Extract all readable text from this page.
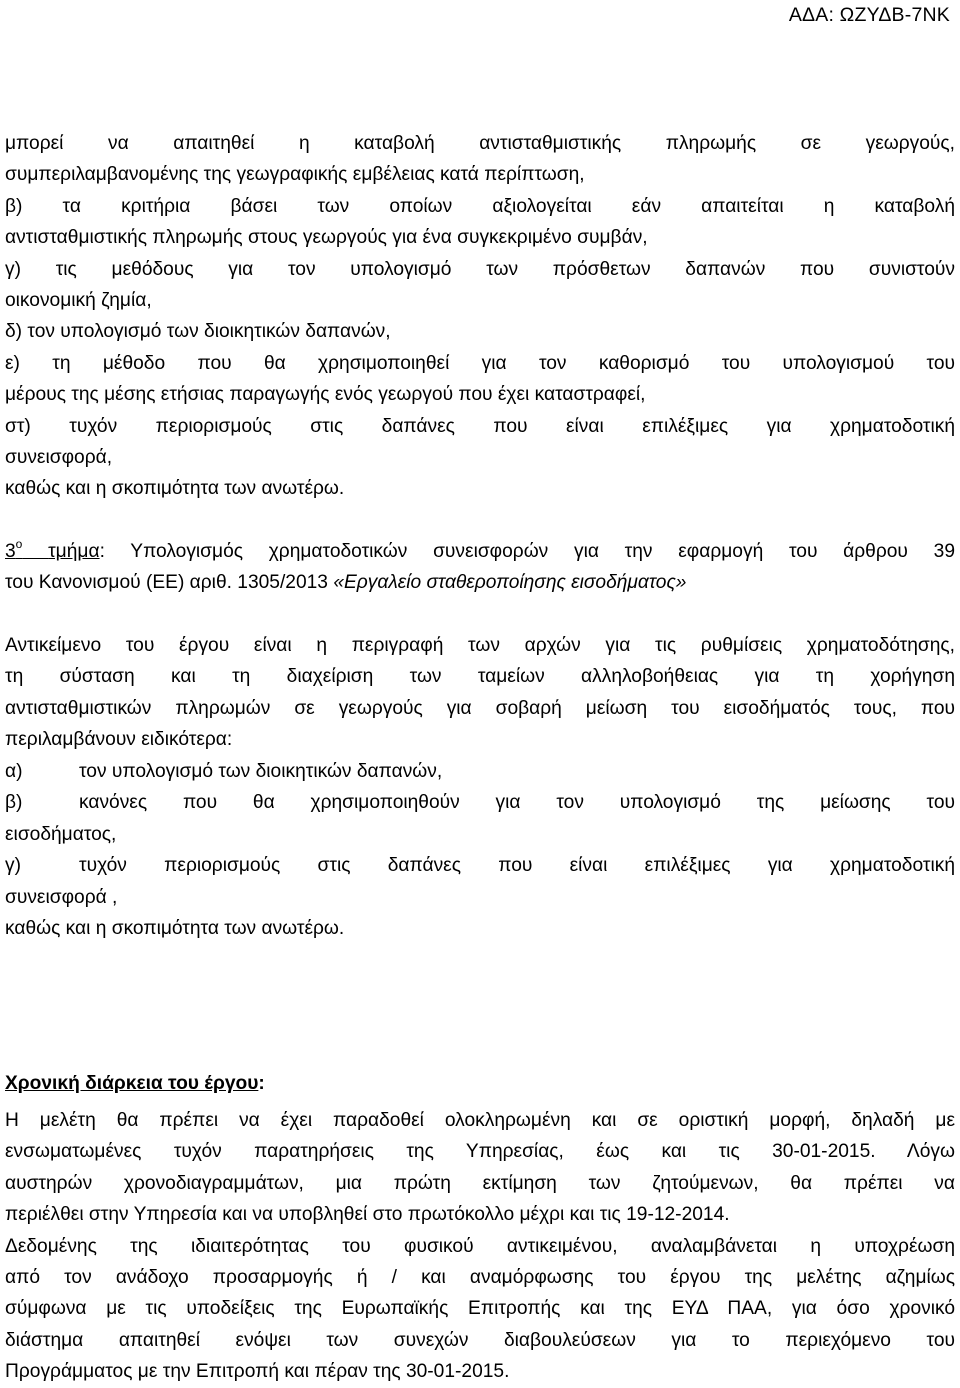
ΑΔΑ: ΩΖΥΔΒ-7ΝΚ
μπορεί να απαιτηθεί η καταβολή αντισταθμιστικής πληρωμής σε γεωργούς,
συμπεριλαμβανομένης της γεωγραφικής εμβέλειας κατά περίπτωση,
β) τα κριτήρια βάσει των οποίων αξιολογείται εάν απαιτείται η καταβολή
αντισταθμιστικής πληρωμής στους γεωργούς για ένα συγκεκριμένο συμβάν,
γ) τις μεθόδους για τον υπολογισμό των πρόσθετων δαπανών που συνιστούν
οικονομική ζημία,
δ) τον υπολογισμό των διοικητικών δαπανών,
ε) τη μέθοδο που θα χρησιμοποιηθεί για τον καθορισμό του υπολογισμού του
μέρους της μέσης ετήσιας παραγωγής ενός γεωργού που έχει καταστραφεί,
στ) τυχόν περιορισμούς στις δαπάνες που είναι επιλέξιμες για χρηματοδοτική
συνεισφορά,
καθώς και η σκοπιμότητα των ανωτέρω.
$3^o$ τμήμα: Υπολογισμός χρηματοδοτικών συνεισφορών για την εφαρμογή του άρθρου 39
του Κανονισμού (ΕΕ) αριθ. 1305/2013 «Εργαλείο σταθεροποίησης εισοδήματος»
Αντικείμενο του έργου είναι η περιγραφή των αρχών για τις ρυθμίσεις χρηματοδότησης,
τη σύσταση και τη διαχείριση των ταμείων αλληλοβοήθειας για τη χορήγηση
αντισταθμιστικών πληρωμών σε γεωργούς για σοβαρή μείωση του εισοδήματός τους, που
περιλαμβάνουν ειδικότερα:
α)	τον υπολογισμό των διοικητικών δαπανών,
β)	κανόνες που θα χρησιμοποιηθούν για τον υπολογισμό της μείωσης του
εισοδήματος,
γ)	τυχόν περιορισμούς στις δαπάνες που είναι επιλέξιμες για χρηματοδοτική
συνεισφορά ,
καθώς και η σκοπιμότητα των ανωτέρω.
Χρονική διάρκεια του έργου:
Η μελέτη θα πρέπει να έχει παραδοθεί ολοκληρωμένη και σε οριστική μορφή, δηλαδή με
ενσωματωμένες τυχόν παρατηρήσεις της Υπηρεσίας, έως και τις 30-01-2015. Λόγω
αυστηρών χρονοδιαγραμμάτων, μια πρώτη εκτίμηση των ζητούμενων, θα πρέπει να
περιέλθει στην Υπηρεσία και να υποβληθεί στο πρωτόκολλο μέχρι και τις 19-12-2014.
Δεδομένης της ιδιαιτερότητας του φυσικού αντικειμένου, αναλαμβάνεται η υποχρέωση
από τον ανάδοχο προσαρμογής ή / και αναμόρφωσης του έργου της μελέτης αζημίως
σύμφωνα με τις υποδείξεις της Ευρωπαϊκής Επιτροπής και της ΕΥΔ ΠΑΑ, για όσο χρονικό
διάστημα απαιτηθεί ενόψει των συνεχών διαβουλεύσεων για το περιεχόμενο του
Προγράμματος με την Επιτροπή και πέραν της 30-01-2015.
